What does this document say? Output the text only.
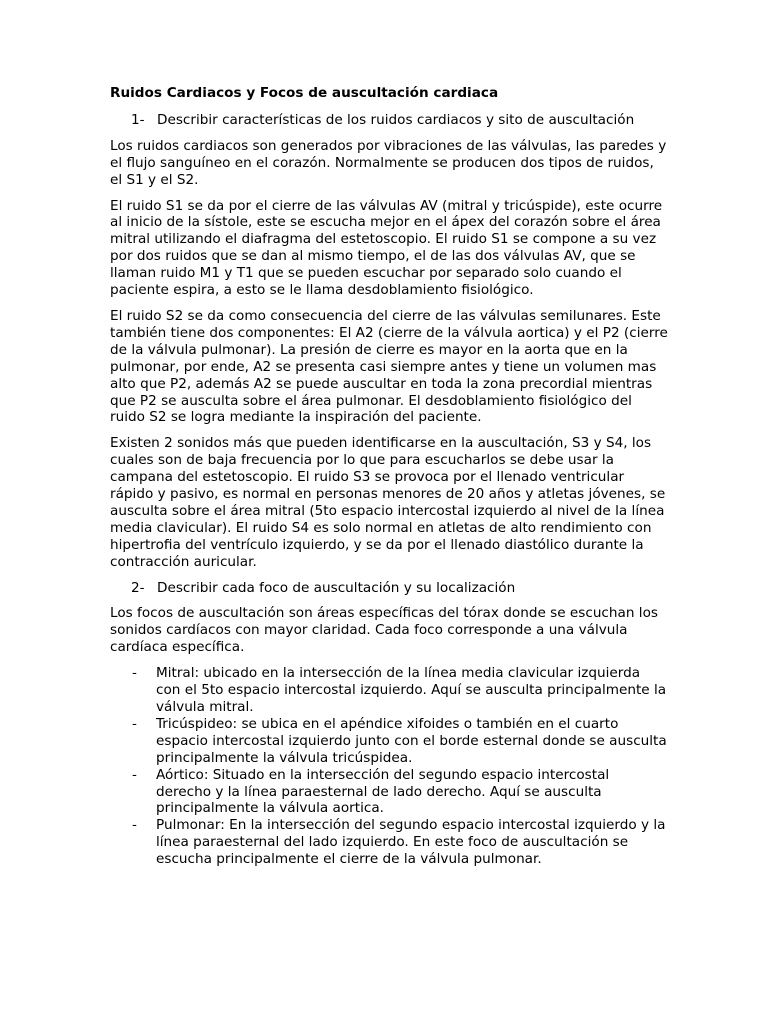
Ruidos Cardiacos y Focos de auscultación cardiaca
1- Describir características de los ruidos cardiacos y sito de auscultación

Los ruidos cardiacos son generados por vibraciones de las válvulas, las paredes y el flujo sanguíneo en el corazón. Normalmente se producen dos tipos de ruidos, el S1 y el S2.

El ruido S1 se da por el cierre de las válvulas AV (mitral y tricúspide), este ocurre al inicio de la sístole, este se escucha mejor en el ápex del corazón sobre el área mitral utilizando el diafragma del estetoscopio. El ruido S1 se compone a su vez por dos ruidos que se dan al mismo tiempo, el de las dos válvulas AV, que se llaman ruido M1 y T1 que se pueden escuchar por separado solo cuando el paciente espira, a esto se le llama desdoblamiento fisiológico.

El ruido S2 se da como consecuencia del cierre de las válvulas semilunares. Este también tiene dos componentes: El A2 (cierre de la válvula aortica) y el P2 (cierre de la válvula pulmonar). La presión de cierre es mayor en la aorta que en la pulmonar, por ende, A2 se presenta casi siempre antes y tiene un volumen mas alto que P2, además A2 se puede auscultar en toda la zona precordial mientras que P2 se ausculta sobre el área pulmonar. El desdoblamiento fisiológico del ruido S2 se logra mediante la inspiración del paciente.

Existen 2 sonidos más que pueden identificarse en la auscultación, S3 y S4, los cuales son de baja frecuencia por lo que para escucharlos se debe usar la campana del estetoscopio. El ruido S3 se provoca por el llenado ventricular rápido y pasivo, es normal en personas menores de 20 años y atletas jóvenes, se ausculta sobre el área mitral (5to espacio intercostal izquierdo al nivel de la línea media clavicular). El ruido S4 es solo normal en atletas de alto rendimiento con hipertrofia del ventrículo izquierdo, y se da por el llenado diastólico durante la contracción auricular.

2- Describir cada foco de auscultación y su localización

Los focos de auscultación son áreas específicas del tórax donde se escuchan los sonidos cardíacos con mayor claridad. Cada foco corresponde a una válvula cardíaca específica.

- Mitral: ubicado en la intersección de la línea media clavicular izquierda con el 5to espacio intercostal izquierdo. Aquí se ausculta principalmente la válvula mitral.
- Tricúspideo: se ubica en el apéndice xifoides o también en el cuarto espacio intercostal izquierdo junto con el borde esternal donde se ausculta principalmente la válvula tricúspidea.
- Aórtico: Situado en la intersección del segundo espacio intercostal derecho y la línea paraesternal de lado derecho. Aquí se ausculta principalmente la válvula aortica.
- Pulmonar: En la intersección del segundo espacio intercostal izquierdo y la línea paraesternal del lado izquierdo. En este foco de auscultación se escucha principalmente el cierre de la válvula pulmonar.
